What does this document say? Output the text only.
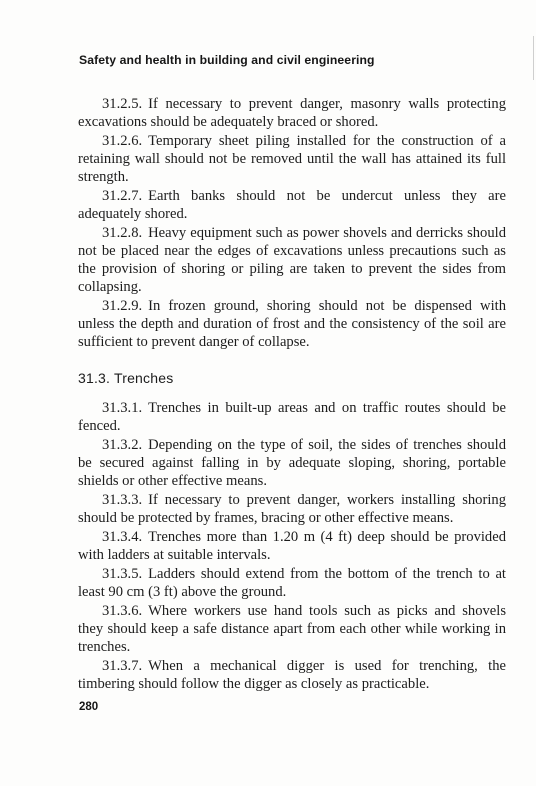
Safety and health in building and civil engineering

31.2.5. If necessary to prevent danger, masonry walls protecting excavations should be adequately braced or shored.

31.2.6. Temporary sheet piling installed for the construction of a retaining wall should not be removed until the wall has attained its full strength.

31.2.7. Earth banks should not be undercut unless they are adequately shored.

31.2.8. Heavy equipment such as power shovels and derricks should not be placed near the edges of excavations unless precautions such as the provision of shoring or piling are taken to prevent the sides from collapsing.

31.2.9. In frozen ground, shoring should not be dispensed with unless the depth and duration of frost and the consistency of the soil are sufficient to prevent danger of collapse.

31.3. Trenches

31.3.1. Trenches in built-up areas and on traffic routes should be fenced.

31.3.2. Depending on the type of soil, the sides of trenches should be secured against falling in by adequate sloping, shoring, portable shields or other effective means.

31.3.3. If necessary to prevent danger, workers installing shoring should be protected by frames, bracing or other effective means.

31.3.4. Trenches more than 1.20 m (4 ft) deep should be provided with ladders at suitable intervals.

31.3.5. Ladders should extend from the bottom of the trench to at least 90 cm (3 ft) above the ground.

31.3.6. Where workers use hand tools such as picks and shovels they should keep a safe distance apart from each other while working in trenches.

31.3.7. When a mechanical digger is used for trenching, the timbering should follow the digger as closely as practicable.

280
